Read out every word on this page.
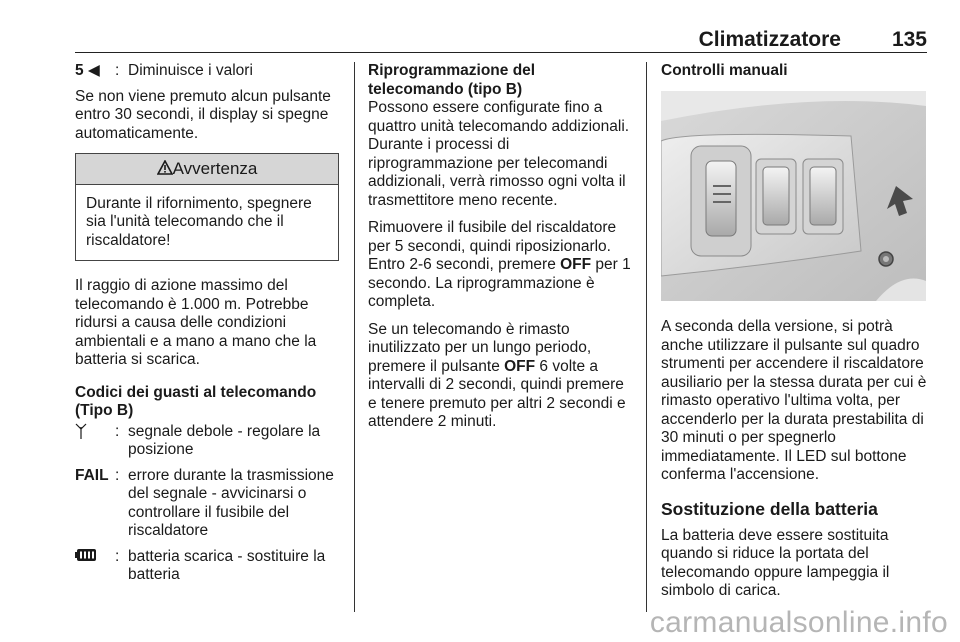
Climatizzatore 135
5 ◀ : Diminuisce i valori

Se non viene premuto alcun pulsante entro 30 secondi, il display si spegne automaticamente.

Avvertenza
Durante il rifornimento, spegnere sia l'unità telecomando che il riscaldatore!

Il raggio di azione massimo del telecomando è 1.000 m. Potrebbe ridursi a causa delle condizioni ambientali e a mano a mano che la batteria si scarica.

Codici dei guasti al telecomando (Tipo B)

: segnale debole - regolare la posizione
FAIL : errore durante la trasmissione del segnale - avvicinarsi o controllare il fusibile del riscaldatore
: batteria scarica - sostituire la batteria

Riprogrammazione del telecomando (tipo B)

Possono essere configurate fino a quattro unità telecomando addizionali. Durante i processi di riprogrammazione per telecomandi addizionali, verrà rimosso ogni volta il trasmettitore meno recente.

Rimuovere il fusibile del riscaldatore per 5 secondi, quindi riposizionarlo. Entro 2-6 secondi, premere OFF per 1 secondo. La riprogrammazione è completa.

Se un telecomando è rimasto inutilizzato per un lungo periodo, premere il pulsante OFF 6 volte a intervalli di 2 secondi, quindi premere e tenere premuto per altri 2 secondi e attendere 2 minuti.

Controlli manuali

A seconda della versione, si potrà anche utilizzare il pulsante sul quadro strumenti per accendere il riscaldatore ausiliario per la stessa durata per cui è rimasto operativo l'ultima volta, per accenderlo per la durata prestabilita di 30 minuti o per spegnerlo immediatamente. Il LED sul bottone conferma l'accensione.

Sostituzione della batteria

La batteria deve essere sostituita quando si riduce la portata del telecomando oppure lampeggia il simbolo di carica.

carmanualsonline.info
